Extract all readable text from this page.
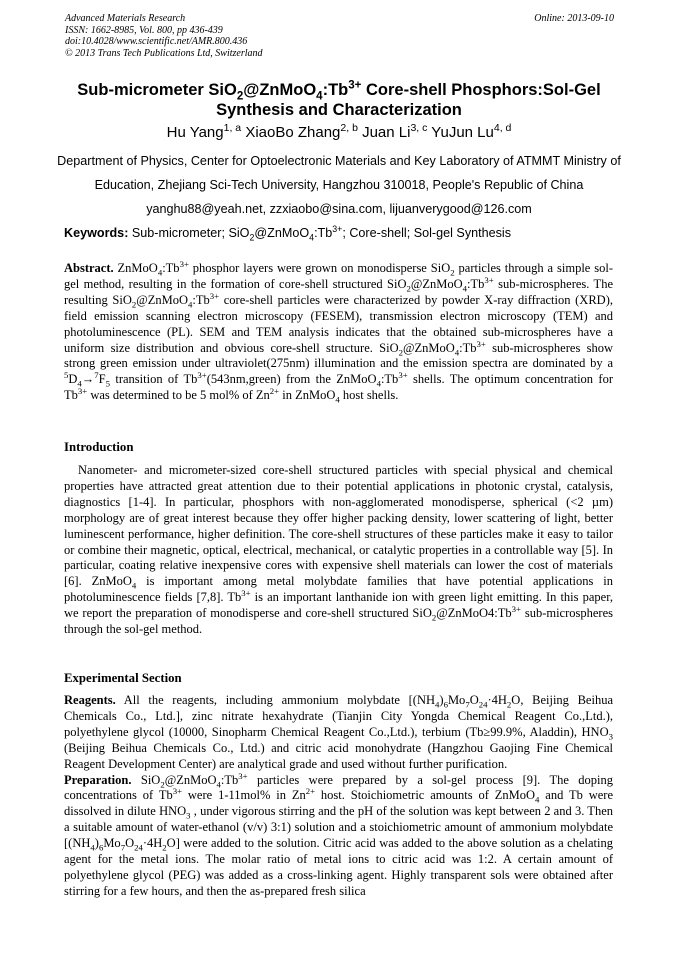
Advanced Materials Research
ISSN: 1662-8985, Vol. 800, pp 436-439
doi:10.4028/www.scientific.net/AMR.800.436
© 2013 Trans Tech Publications Ltd, Switzerland
Online: 2013-09-10
Sub-micrometer $SiO_2@ZnMoO_4:Tb^{3+}$ Core-shell Phosphors:Sol-Gel
Synthesis and Characterization
Hu Yang$^{1, a}$ XiaoBo Zhang$^{2, b}$ Juan Li$^{3, c}$ YuJun Lu$^{4, d}$
Department of Physics, Center for Optoelectronic Materials and Key Laboratory of ATMMT Ministry of Education, Zhejiang Sci-Tech University, Hangzhou 310018, People's Republic of China
yanghu88@yeah.net, zzxiaobo@sina.com, lijuanverygood@126.com
Keywords: Sub-micrometer; $SiO_2@ZnMoO_4:Tb^{3+}$; Core-shell; Sol-gel Synthesis
Abstract. $ZnMoO_4:Tb^{3+}$ phosphor layers were grown on monodisperse SiO$_2$ particles through a simple sol-gel method, resulting in the formation of core-shell structured $SiO_2@ZnMoO_4:Tb^{3+}$ sub-microspheres. The resulting $SiO_2@ZnMoO_4:Tb^{3+}$ core-shell particles were characterized by powder X-ray diffraction (XRD), field emission scanning electron microscopy (FESEM), transmission electron microscopy (TEM) and photoluminescence (PL). SEM and TEM analysis indicates that the obtained sub-microspheres have a uniform size distribution and obvious core-shell structure. $SiO_2@ZnMoO_4:Tb^{3+}$ sub-microspheres show strong green emission under ultraviolet(275nm) illumination and the emission spectra are dominated by a $^5D_4\to^7F_5$ transition of $Tb^{3+}(543nm,green)$ from the $ZnMoO_4:Tb^{3+}$ shells. The optimum concentration for $Tb^{3+}$ was determined to be 5 mol% of $Zn^{2+}$ in ZnMoO$_4$ host shells.
Introduction
Nanometer- and micrometer-sized core-shell structured particles with special physical and chemical properties have attracted great attention due to their potential applications in photonic crystal, catalysis, diagnostics [1-4]. In particular, phosphors with non-agglomerated monodisperse, spherical (<2 µm) morphology are of great interest because they offer higher packing density, lower scattering of light, better luminescent performance, higher definition. The core-shell structures of these particles make it easy to tailor or combine their magnetic, optical, electrical, mechanical, or catalytic properties in a controllable way [5]. In particular, coating relative inexpensive cores with expensive shell materials can lower the cost of materials [6]. ZnMoO$_4$ is important among metal molybdate families that have potential applications in photoluminescence fields [7,8]. $Tb^{3+}$ is an important lanthanide ion with green light emitting. In this paper, we report the preparation of monodisperse and core-shell structured $SiO_2@ZnMoO4:Tb^{3+}$ sub-microspheres through the sol-gel method.
Experimental Section

Reagents. All the reagents, including ammonium molybdate [$(NH_4)_6Mo_7O_{24}\cdot 4H_2O$, Beijing Beihua Chemicals Co., Ltd.], zinc nitrate hexahydrate (Tianjin City Yongda Chemical Reagent Co.,Ltd.), polyethylene glycol (10000, Sinopharm Chemical Reagent Co.,Ltd.), terbium (Tb≥99.9%, Aladdin), $HNO_3$ (Beijing Beihua Chemicals Co., Ltd.) and citric acid monohydrate (Hangzhou Gaojing Fine Chemical Reagent Development Center) are analytical grade and used without further purification.

Preparation. $SiO_2@ZnMoO_4:Tb^{3+}$ particles were prepared by a sol-gel process [9]. The doping concentrations of $Tb^{3+}$ were 1-11mol% in $Zn^{2+}$ host. Stoichiometric amounts of ZnMoO$_4$ and Tb were dissolved in dilute $HNO_3$ , under vigorous stirring and the pH of the solution was kept between 2 and 3. Then a suitable amount of water-ethanol (v/v) 3:1) solution and a stoichiometric amount of ammonium molybdate $[(NH_4)_6Mo_7O_{24}\cdot 4H_2O]$ were added to the solution. Citric acid was added to the above solution as a chelating agent for the metal ions. The molar ratio of metal ions to citric acid was 1:2. A certain amount of polyethylene glycol (PEG) was added as a cross-linking agent. Highly transparent sols were obtained after stirring for a few hours, and then the as-prepared fresh silica
